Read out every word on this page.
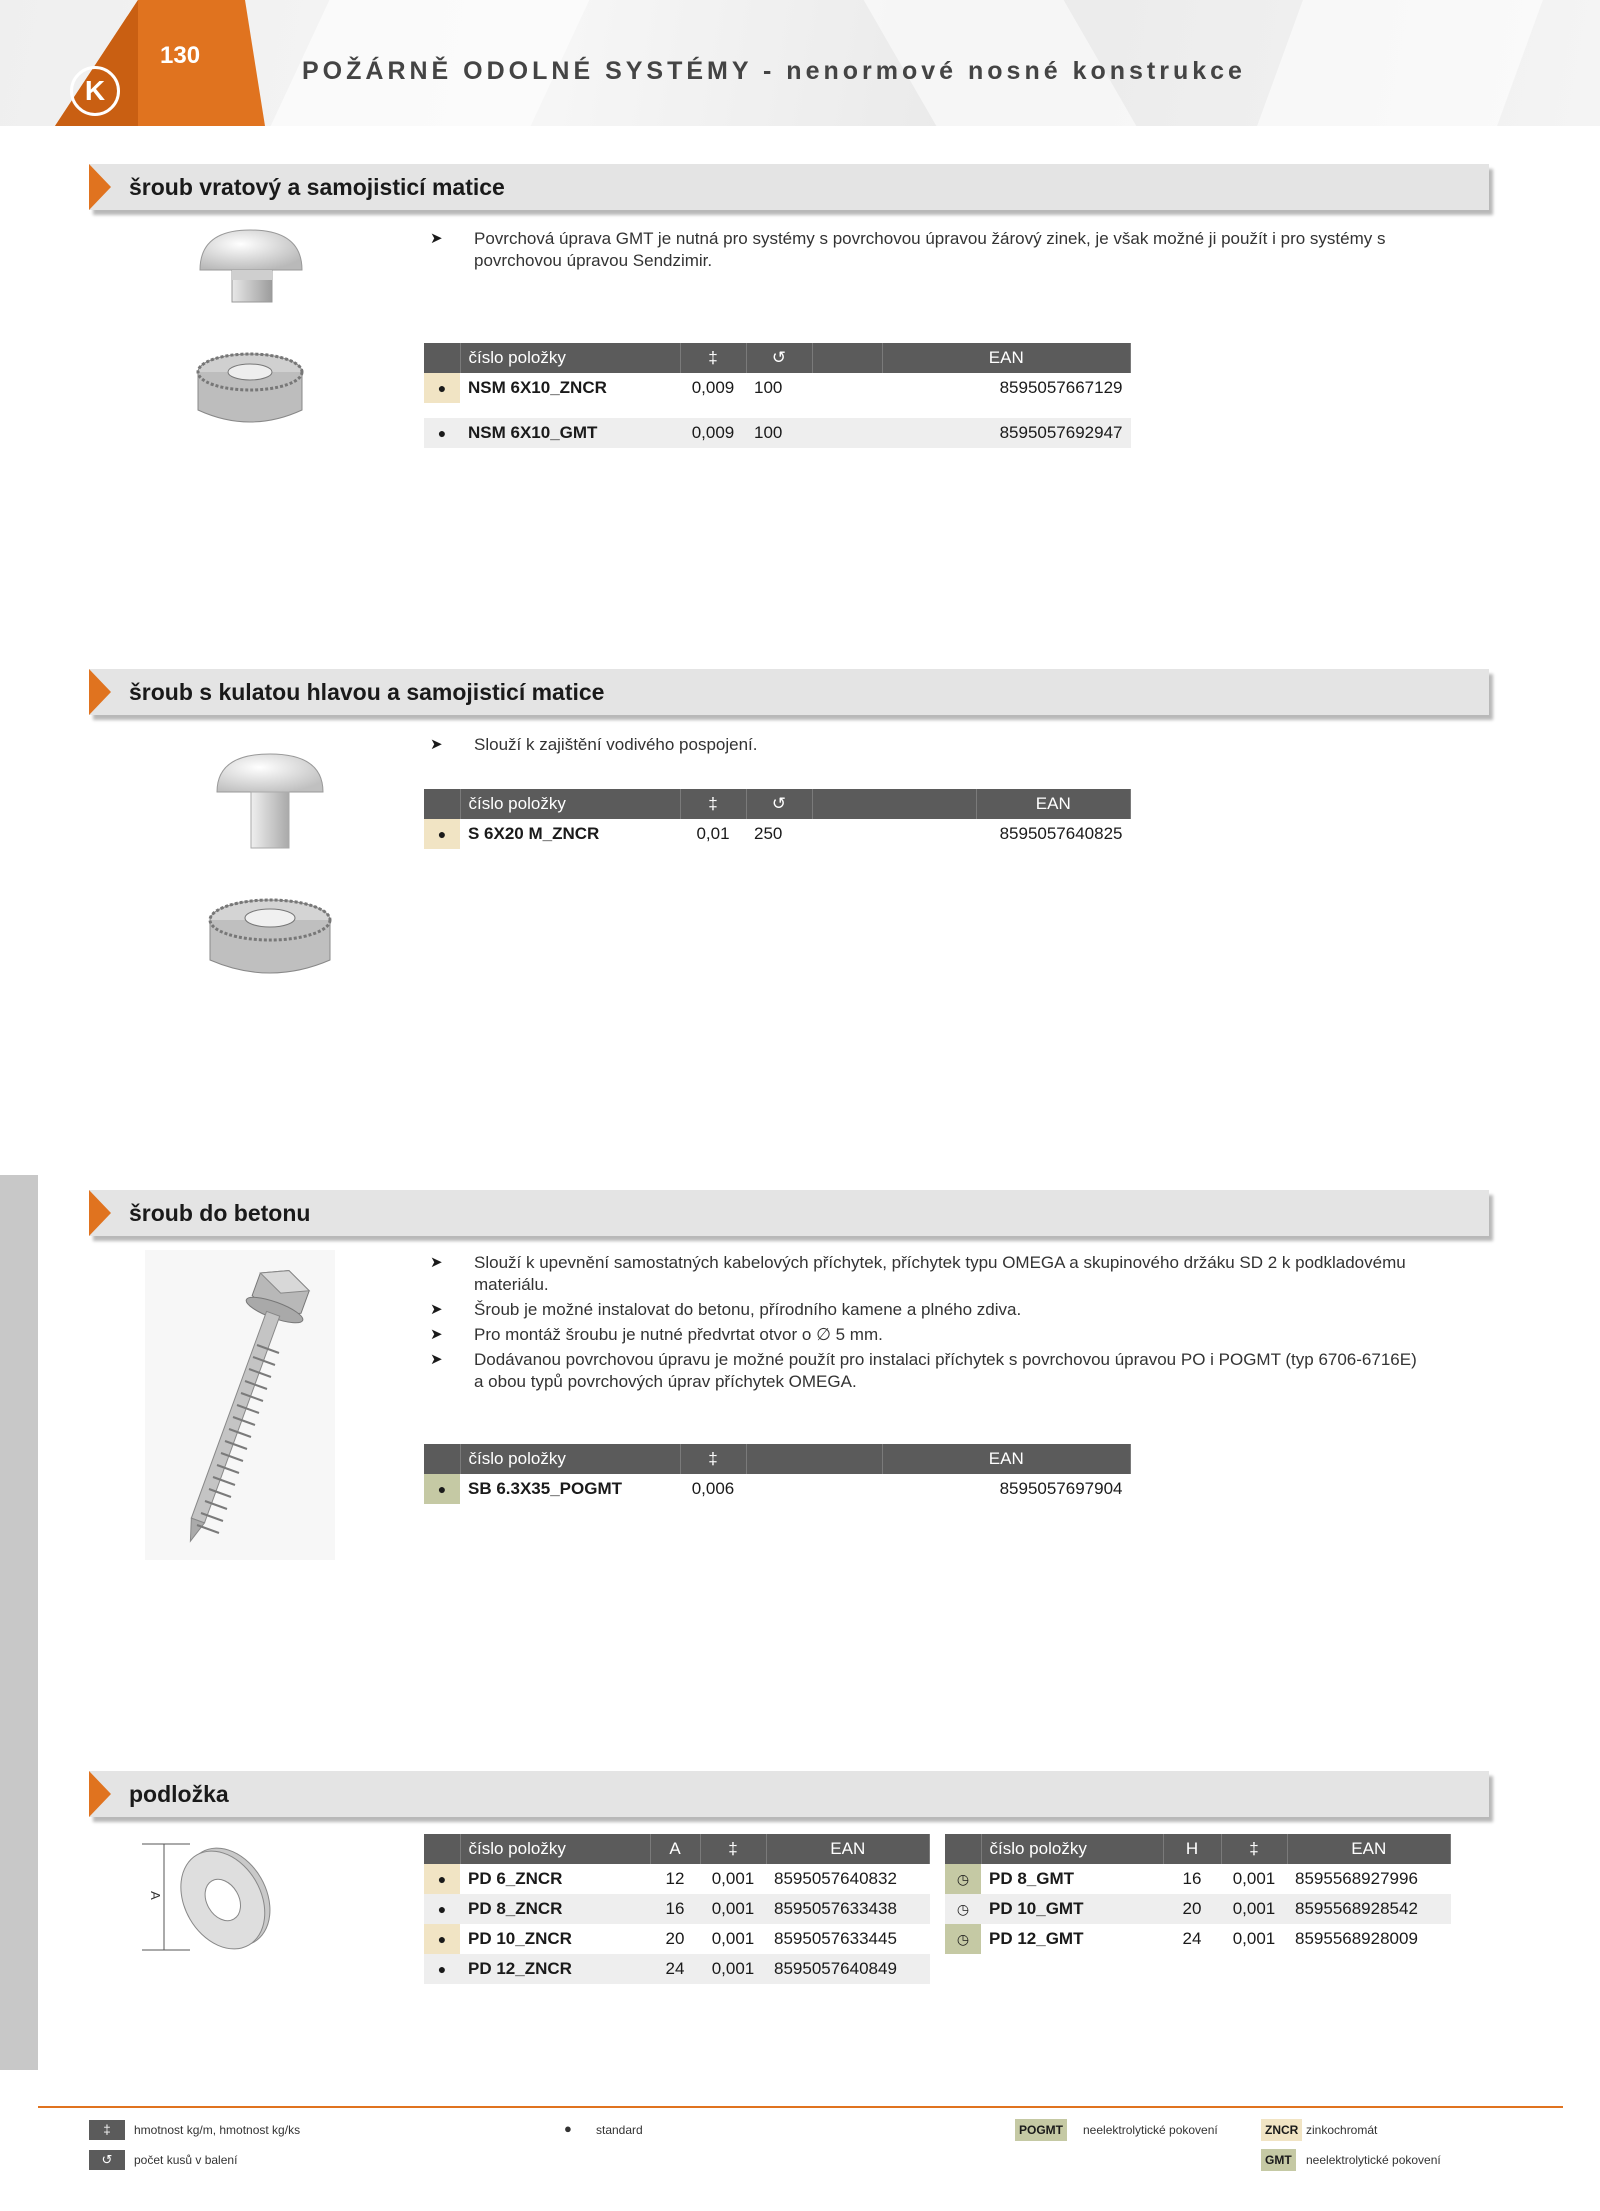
130
K
POŽÁRNĚ ODOLNÉ SYSTÉMY - nenormové nosné konstrukce
šroub vratový a samojisticí matice
➤ Povrchová úprava GMT je nutná pro systémy s povrchovou úpravou žárový zinek, je však možné ji použít i pro systémy s povrchovou úpravou Sendzimir.
	číslo položky	‡	↺		EAN
●	NSM 6X10_ZNCR	0,009	100		8595057667129

●	NSM 6X10_GMT	0,009	100		8595057692947
šroub s kulatou hlavou a samojisticí matice
➤ Slouží k zajištění vodivého pospojení.
	číslo položky	‡	↺		EAN
●	S 6X20 M_ZNCR	0,01	250		8595057640825
šroub do betonu
➤ Slouží k upevnění samostatných kabelových příchytek, příchytek typu OMEGA a skupinového držáku SD 2 k podkladovému materiálu.
➤ Šroub je možné instalovat do betonu, přírodního kamene a plného zdiva.
➤ Pro montáž šroubu je nutné předvrtat otvor o ∅ 5 mm.
➤ Dodávanou povrchovou úpravu je možné použít pro instalaci příchytek s povrchovou úpravou PO i POGMT (typ 6706-6716E) a obou typů povrchových úprav příchytek OMEGA.
	číslo položky	‡		EAN
●	SB 6.3X35_POGMT	0,006		8595057697904
podložka
A
	číslo položky	A	‡	EAN
●	PD 6_ZNCR	12	0,001	8595057640832
●	PD 8_ZNCR	16	0,001	8595057633438
●	PD 10_ZNCR	20	0,001	8595057633445
●	PD 12_ZNCR	24	0,001	8595057640849
	číslo položky	H	‡	EAN
◷	PD 8_GMT	16	0,001	8595568927996
◷	PD 10_GMT	20	0,001	8595568928542
◷	PD 12_GMT	24	0,001	8595568928009
‡	hmotnost kg/m, hmotnost kg/ks
↺	počet kusů v balení
● standard	POGMT	neelektrolytické pokovení	ZNCR zinkochromát
GMT	neelektrolytické pokovení
